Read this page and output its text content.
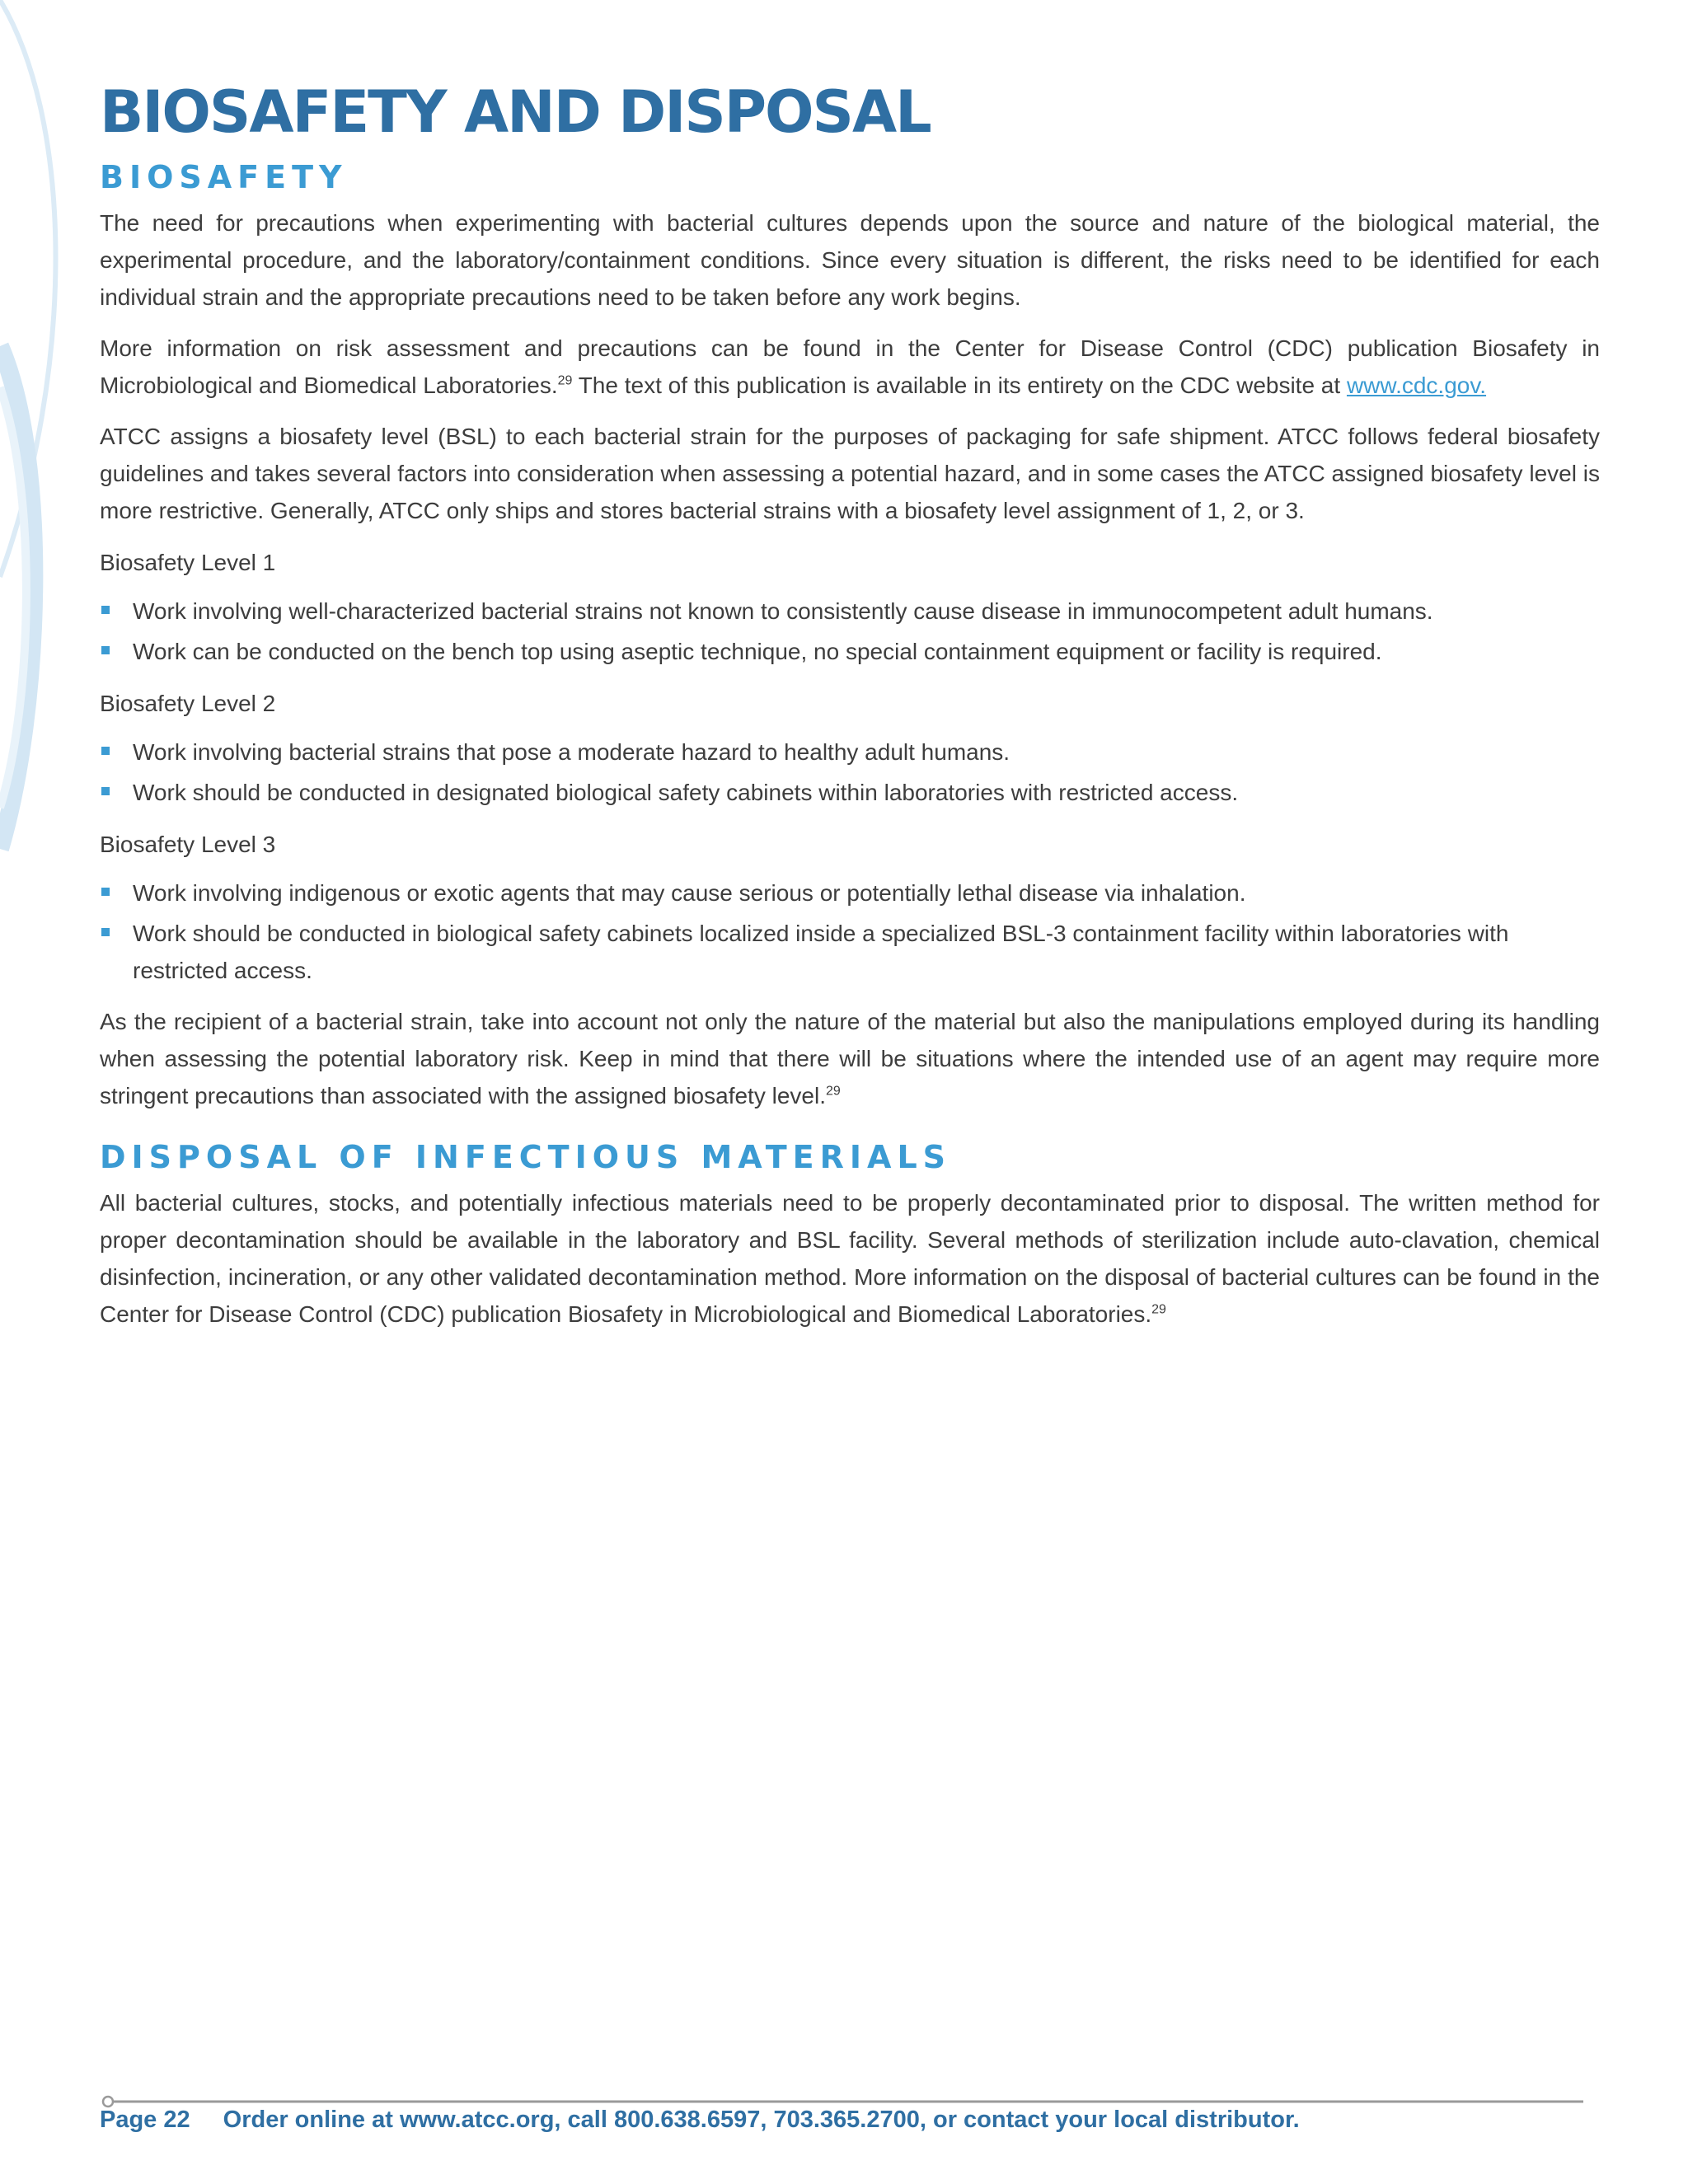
BIOSAFETY AND DISPOSAL
BIOSAFETY

The need for precautions when experimenting with bacterial cultures depends upon the source and nature of the biological material, the experimental procedure, and the laboratory/containment conditions. Since every situation is different, the risks need to be identified for each individual strain and the appropriate precautions need to be taken before any work begins.

More information on risk assessment and precautions can be found in the Center for Disease Control (CDC) publication Biosafety in Microbiological and Biomedical Laboratories.$^{29}$ The text of this publication is available in its entirety on the CDC website at www.cdc.gov.

ATCC assigns a biosafety level (BSL) to each bacterial strain for the purposes of packaging for safe shipment. ATCC follows federal biosafety guidelines and takes several factors into consideration when assessing a potential hazard, and in some cases the ATCC assigned biosafety level is more restrictive. Generally, ATCC only ships and stores bacterial strains with a biosafety level assignment of 1, 2, or 3.

Biosafety Level 1

Work involving well-characterized bacterial strains not known to consistently cause disease in immunocompetent adult humans.
Work can be conducted on the bench top using aseptic technique, no special containment equipment or facility is required.

Biosafety Level 2

Work involving bacterial strains that pose a moderate hazard to healthy adult humans.
Work should be conducted in designated biological safety cabinets within laboratories with restricted access.

Biosafety Level 3

Work involving indigenous or exotic agents that may cause serious or potentially lethal disease via inhalation.
Work should be conducted in biological safety cabinets localized inside a specialized BSL-3 containment facility within laboratories with restricted access.

As the recipient of a bacterial strain, take into account not only the nature of the material but also the manipulations employed during its handling when assessing the potential laboratory risk. Keep in mind that there will be situations where the intended use of an agent may require more stringent precautions than associated with the assigned biosafety level.$^{29}$

DISPOSAL OF INFECTIOUS MATERIALS

All bacterial cultures, stocks, and potentially infectious materials need to be properly decontaminated prior to disposal. The written method for proper decontamination should be available in the laboratory and BSL facility. Several methods of sterilization include auto-clavation, chemical disinfection, incineration, or any other validated decontamination method. More information on the disposal of bacterial cultures can be found in the Center for Disease Control (CDC) publication Biosafety in Microbiological and Biomedical Laboratories.$^{29}$

Page 22 Order online at www.atcc.org, call 800.638.6597, 703.365.2700, or contact your local distributor.
